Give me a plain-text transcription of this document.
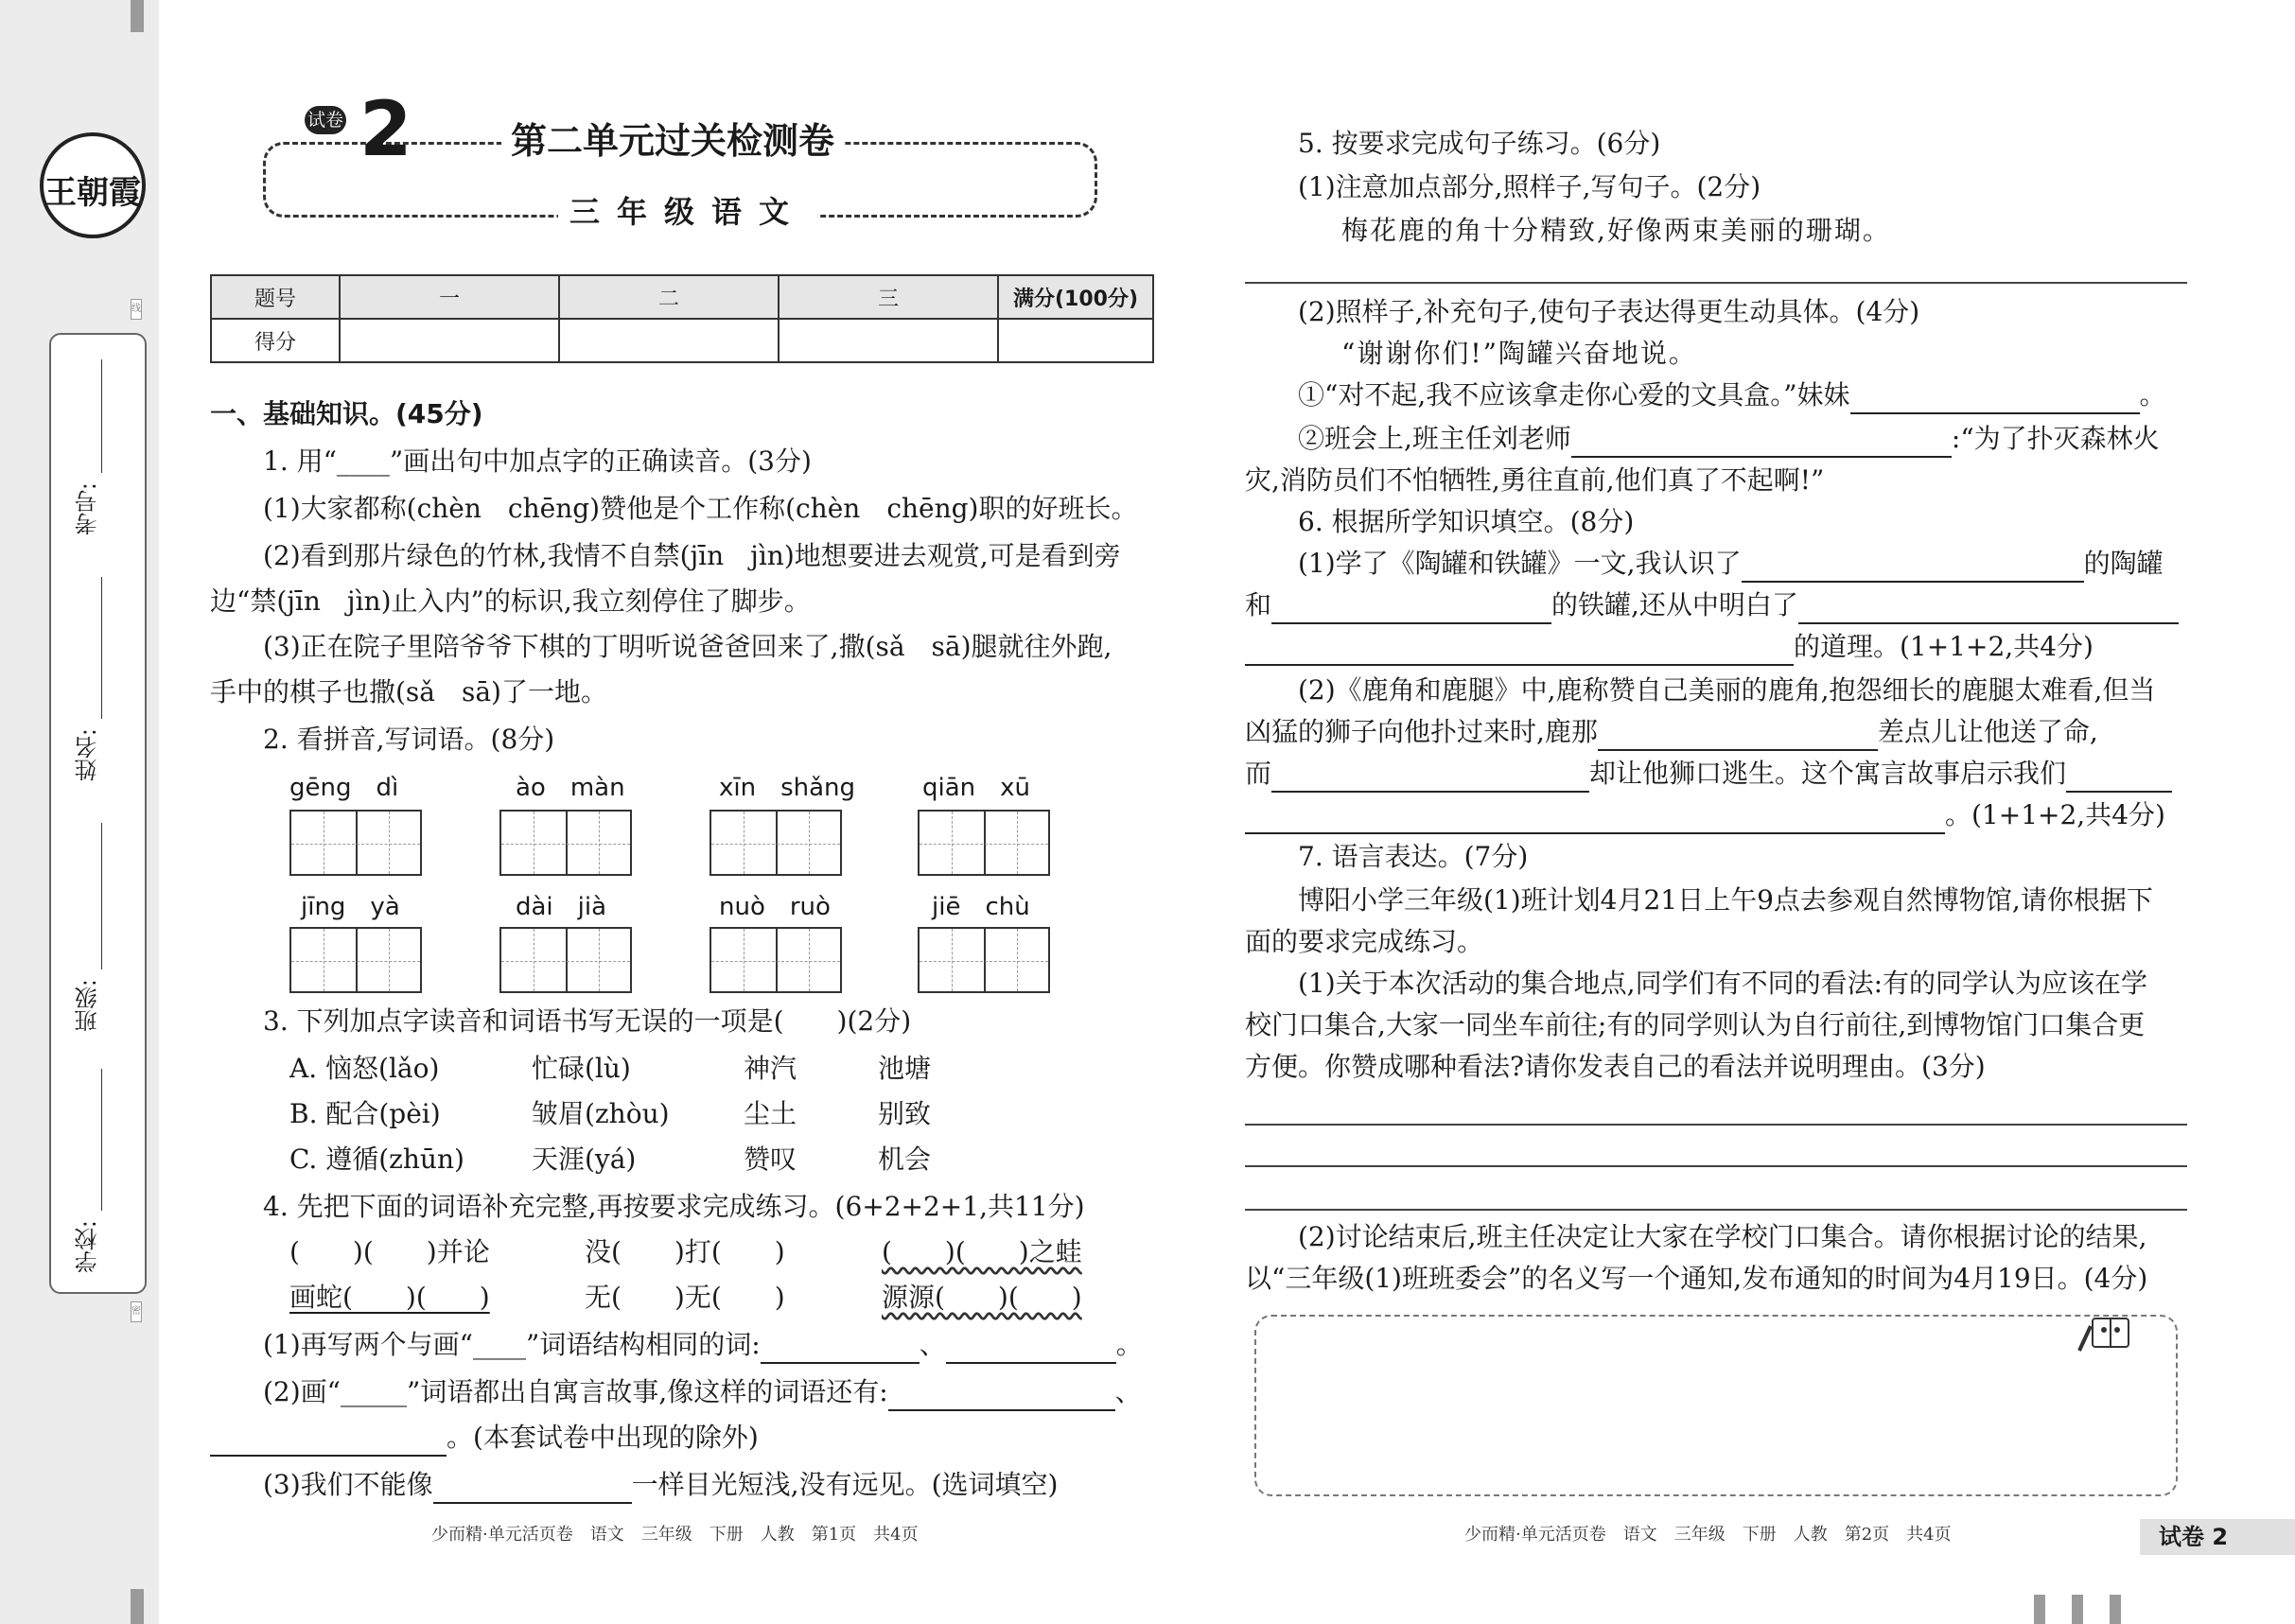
王朝霞
线
密
考号:
姓名:
班级:
学校:
试卷 2	第二单元过关检测卷
三年级语文
题号	一	二	三	满分(100分)
得分				
一、基础知识。(45分)
1. 用“____”画出句中加点字的正确读音。(3分)
(1)大家都称(chèn　chēng)赞他是个工作称(chèn　chēng)职的好班长。
(2)看到那片绿色的竹林,我情不自禁(jīn　jìn)地想要进去观赏,可是看到旁
边“禁(jīn　jìn)止入内”的标识,我立刻停住了脚步。
(3)正在院子里陪爷爷下棋的丁明听说爸爸回来了,撒(sǎ　sā)腿就往外跑,
手中的棋子也撒(sǎ　sā)了一地。
2. 看拼音,写词语。(8分)
gēng　dì	ào　màn	xīn　shǎng	qiān　xū
jīng　yà	dài　jià	nuò　ruò	jiē　chù
3. 下列加点字读音和词语书写无误的一项是(　　)(2分)
A. 恼怒(lǎo)	忙碌(lù)	神汽	池塘
B. 配合(pèi)	皱眉(zhòu)	尘土	别致
C. 遵循(zhūn)	天涯(yá)	赞叹	机会
4. 先把下面的词语补充完整,再按要求完成练习。(6+2+2+1,共11分)
(　　)(　　)并论	没(　　)打(　　)	(　　)(　　)之蛙
画蛇(　　)(　　)	无(　　)无(　　)	源源(　　)(　　)
(1)再写两个与画“____”词语结构相同的词:	、	。
(2)画“_____”词语都出自寓言故事,像这样的词语还有:	、
。(本套试卷中出现的除外)
(3)我们不能像	一样目光短浅,没有远见。(选词填空)
少而精·单元活页卷　语文　三年级　下册　人教　第1页　共4页
5. 按要求完成句子练习。(6分)
(1)注意加点部分,照样子,写句子。(2分)
梅花鹿的角十分精致,好像两束美丽的珊瑚。
(2)照样子,补充句子,使句子表达得更生动具体。(4分)
“谢谢你们!”陶罐兴奋地说。
①“对不起,我不应该拿走你心爱的文具盒。”妹妹	。
②班会上,班主任刘老师	:“为了扑灭森林火
灾,消防员们不怕牺牲,勇往直前,他们真了不起啊!”
6. 根据所学知识填空。(8分)
(1)学了《陶罐和铁罐》一文,我认识了	的陶罐
和	的铁罐,还从中明白了
的道理。(1+1+2,共4分)
(2)《鹿角和鹿腿》中,鹿称赞自己美丽的鹿角,抱怨细长的鹿腿太难看,但当
凶猛的狮子向他扑过来时,鹿那	差点儿让他送了命,
而	却让他狮口逃生。这个寓言故事启示我们
。(1+1+2,共4分)
7. 语言表达。(7分)
博阳小学三年级(1)班计划4月21日上午9点去参观自然博物馆,请你根据下
面的要求完成练习。
(1)关于本次活动的集合地点,同学们有不同的看法:有的同学认为应该在学
校门口集合,大家一同坐车前往;有的同学则认为自行前往,到博物馆门口集合更
方便。你赞成哪种看法?请你发表自己的看法并说明理由。(3分)
(2)讨论结束后,班主任决定让大家在学校门口集合。请你根据讨论的结果,
以“三年级(1)班班委会”的名义写一个通知,发布通知的时间为4月19日。(4分)
少而精·单元活页卷　语文　三年级　下册　人教　第2页　共4页	试卷 2
